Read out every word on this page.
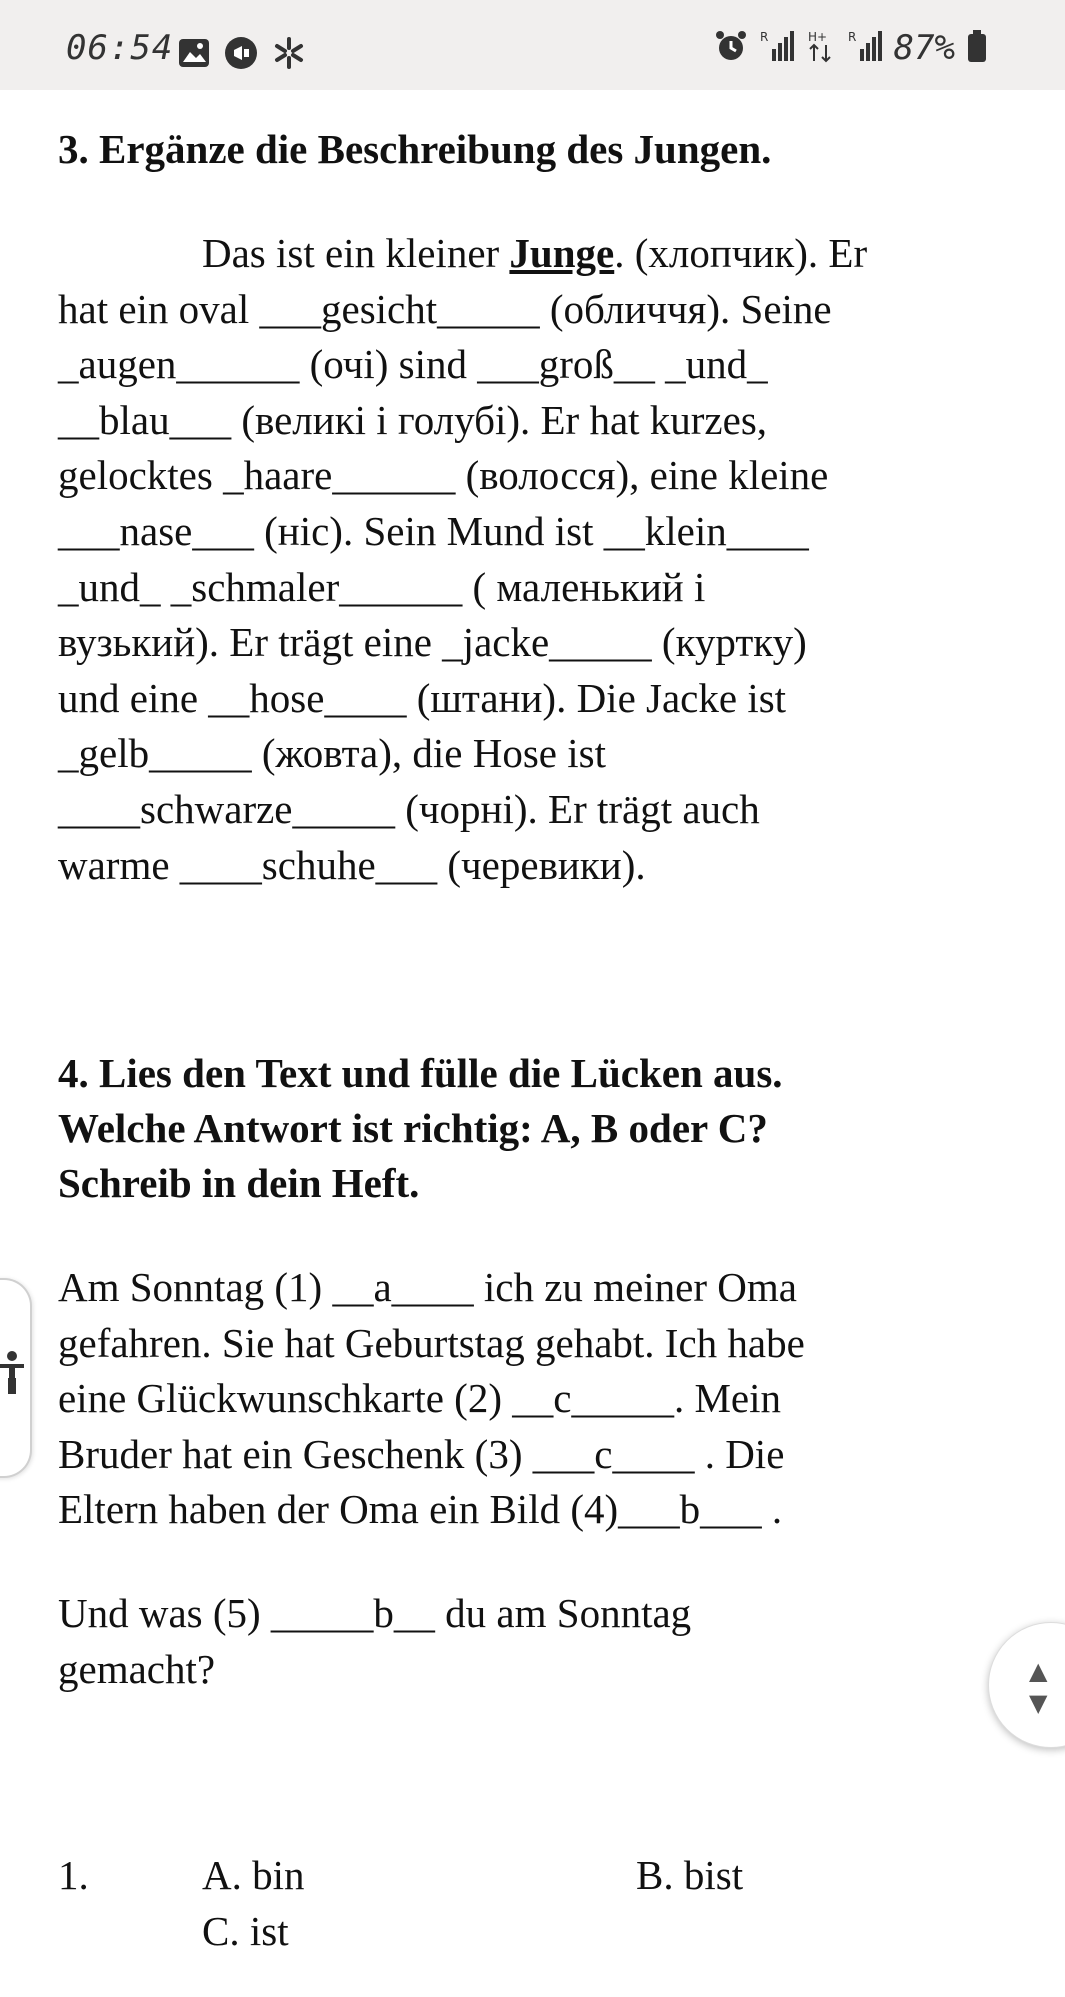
06:54	R	H+ R 87%
▲
▼
3. Ergänze die Beschreibung des Jungen.

Das ist ein kleiner Junge. (хлопчик). Er

hat ein oval ___gesicht_____ (обличчя). Seine

_augen______ (очі) sind ___groß__ _und_

__blau___ (великі і голубі). Er hat kurzes,

gelocktes _haare______ (волосся), eine kleine

___nase___ (ніс). Sein Mund ist __klein____

_und_ _schmaler______ ( маленький і

вузький). Er trägt eine _jacke_____ (куртку)

und eine __hose____ (штани). Die Jacke ist

_gelb_____ (жовта), die Hose ist

____schwarze_____ (чорні). Er trägt auch

warme ____schuhe___ (черевики).

4. Lies den Text und fülle die Lücken aus.
Welche Antwort ist richtig: A, B oder C?
Schreib in dein Heft.

Am Sonntag (1) __a____ ich zu meiner Oma

gefahren. Sie hat Geburtstag gehabt. Ich habe

eine Glückwunschkarte (2) __c_____. Mein

Bruder hat ein Geschenk (3) ___c____ . Die

Eltern haben der Oma ein Bild (4)___b___ .

Und was (5) _____b__ du am Sonntag

gemacht?

1.	A. bin	B. bist
C. ist
